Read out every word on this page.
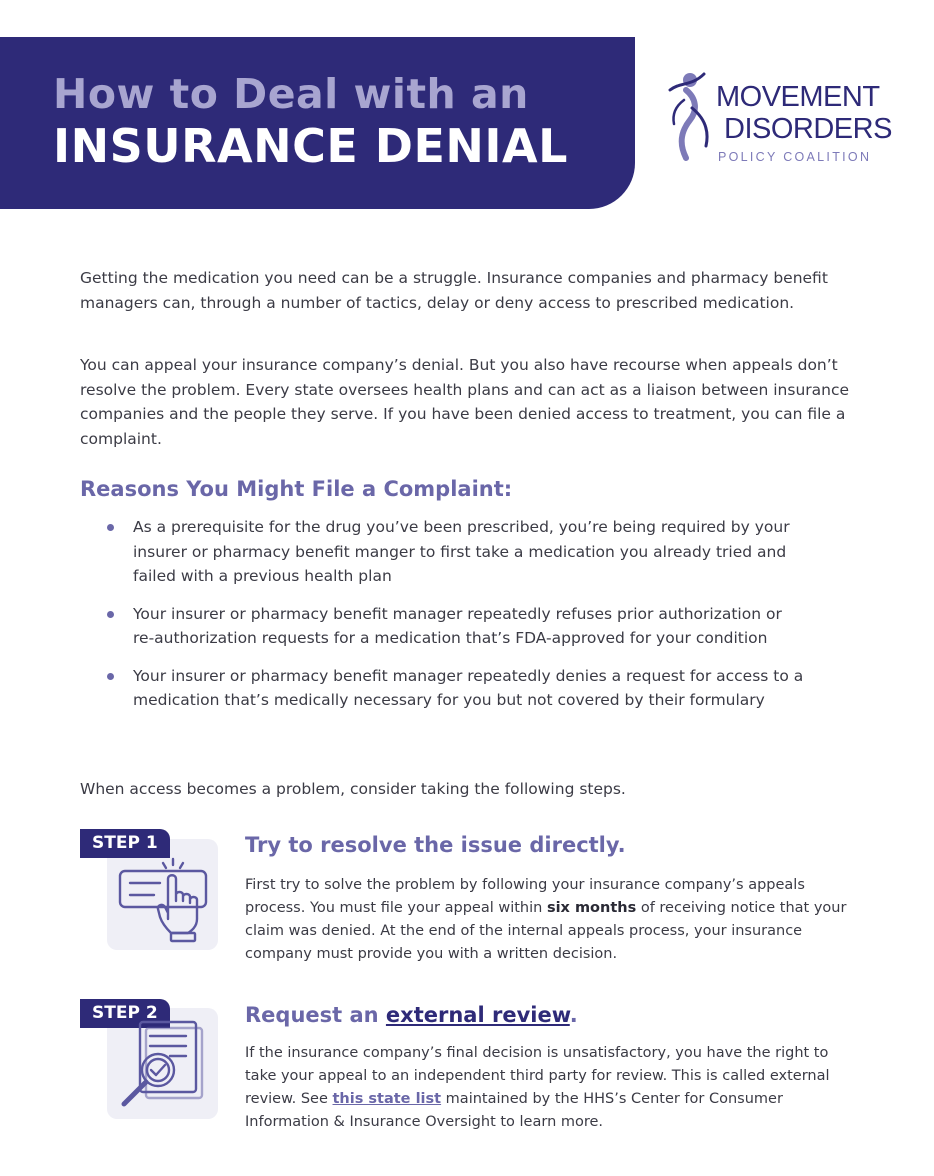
How to Deal with an
INSURANCE DENIAL
MOVEMENT
DISORDERS
POLICY COALITION

Getting the medication you need can be a struggle. Insurance companies and pharmacy benefit managers can, through a number of tactics, delay or deny access to prescribed medication.

You can appeal your insurance company’s denial. But you also have recourse when appeals don’t resolve the problem. Every state oversees health plans and can act as a liaison between insurance companies and the people they serve. If you have been denied access to treatment, you can file a complaint.

Reasons You Might File a Complaint:
As a prerequisite for the drug you’ve been prescribed, you’re being required by your insurer or pharmacy benefit manger to first take a medication you already tried and failed with a previous health plan
Your insurer or pharmacy benefit manager repeatedly refuses prior authorization or re-authorization requests for a medication that’s FDA-approved for your condition
Your insurer or pharmacy benefit manager repeatedly denies a request for access to a medication that’s medically necessary for you but not covered by their formulary

When access becomes a problem, consider taking the following steps.

STEP 1	Try to resolve the issue directly.

First try to solve the problem by following your insurance company’s appeals process. You must file your appeal within six months of receiving notice that your claim was denied. At the end of the internal appeals process, your insurance company must provide you with a written decision.

STEP 2	Request an external review.

If the insurance company’s final decision is unsatisfactory, you have the right to take your appeal to an independent third party for review. This is called external review. See this state list maintained by the HHS’s Center for Consumer Information & Insurance Oversight to learn more.
